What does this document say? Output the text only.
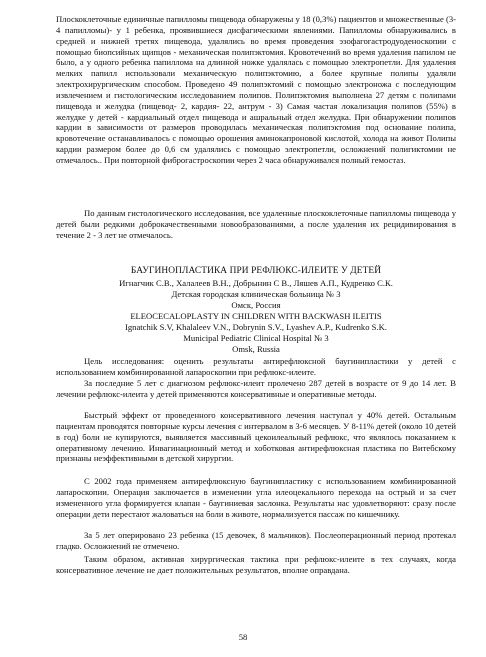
Плоскоклеточные единичные папилломы пищевода обнаружены у 18 (0,3%) пациентов и множественные (3-4 папилломы)- у 1 ребенка, проявившиеся дисфагическими явлениями. Папилломы обнаруживались в средней и нижней третях пищевода, удалялись во время проведения эзофагогастродуоденоскопии с помощью биопсийных щипцов - механическая полипэктомия. Кровотечений во время удаления папилом не было, а у одного ребенка папиллома на длинной ножке удалялась с помощью электропетли. Для удаления мелких папилл использовали механическую полипэктомию, а более крупные полипы удаляли электрохирургическим способом. Проведено 49 полипэктомий с помощью электроножа с последующим извлечением и гистологическим исследованием полипов. Полипэктомия выполнена 27 детям с полипами пищевода и желудка (пищевод- 2, кардия- 22, антрум - 3) Самая частая локализация полипов (55%) в желудке у детей - кардиальный отдел пищевода и ашральный отдел желудка. При обнаружении полипов кардии в зависимости от размеров проводилась механическая полипэктомия под основание полипа, кровотечение останавливалось с помощью орошения аминокапроновой кислотой, холода на живот Полипы кардии размером более до 0,6 см удалялись с помощью электропетли, осложнений полигиктомии не отмечалось.. При повторной фиброгастроскопии через 2 часа обнаруживался полный гемостаз.

По данным гистологического исследования, все удаленные плоскоклеточные папилломы пищевода у детей были редкими доброкачественными новообразованиями, а после удаления их рецидивирования в течение 2 - 3 лет не отмечалось.

БАУГИНОПЛАСТИКА ПРИ РЕФЛЮКС-ИЛЕИТЕ У ДЕТЕЙ

Игнагчик С.В., Халалеев В.Н., Добрынин С В., Ляшев А.П., Кудренко С.К.

Детская городская клиническая больница № 3

Омск, Россия

ELEOCECALOPLASTY IN CHILDREN WITH BACKWASH ILEITIS

Ignatchik S.V, Khalaleev V.N., Dobrynin S.V., Lyashev A.P., Kudrenko S.K.

Municipal Pediatric Clinical Hospital № 3

Omsk, Russia

Цель исследования: оценить результаты антирефлюксной баугинипластики у детей с использованием комбинированной лапароскопии при рефлюкс-илеите.

За последние 5 лет с диагнозом рефлюкс-илеит пролечено 287 детей в возрасте от 9 до 14 лет. В лечении рефлюкс-илеита у детей применяются консервативные и оперативные методы.

Быстрый эффект от проведенного консервативного лечения наступал у 40% детей. Остальным пациентам проводятся повторные курсы лечения с интервалом в 3-6 месяцев. У 8-11% детей (около 10 детей в год) боли не купируются, выявляется массивный цекоилеальный рефлюкс, что являлось показанием к оперативному лечению. Инвагинационный метод и хоботковая антирефлюксная пластика по Витебскому признаны неэффективными в детской хирургии.

С 2002 года применяем антирефлюксную баугинипластику с использованием комбинированной лапароскопии. Операция заключается в изменении угла илеоцекального перехода на острый и за счет измененного угла формируется клапан - баугиниевая заслонка. Результаты нас удовлетворяют: сразу после операции дети перестают жаловаться на боли в животе, нормализуется пассаж по кишечнику.

За 5 лет оперировано 23 ребенка (15 девочек, 8 мальчиков). Послеоперационный период протекал гладко. Осложнений не отмечено.

Таким образом, активная хирургическая тактика при рефлюкс-илеите в тех случаях, когда консервативное лечение не дает положительных результатов, вполне оправдана.

58
